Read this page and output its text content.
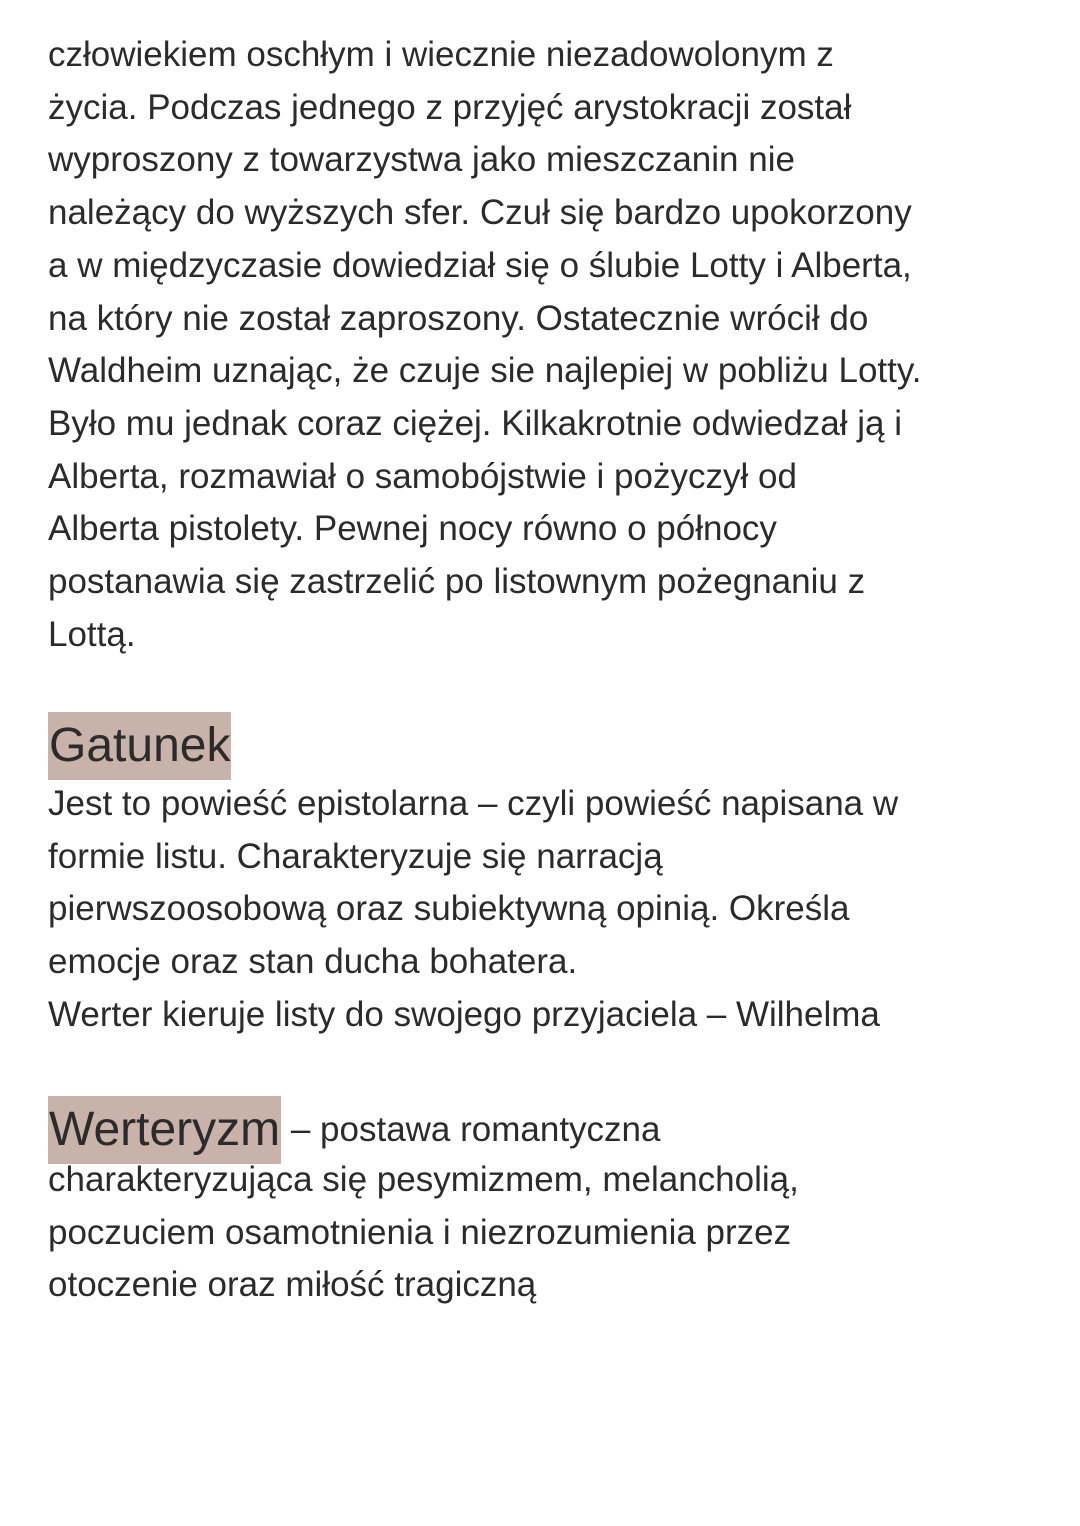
człowiekiem oschłym i wiecznie niezadowolonym z
życia. Podczas jednego z przyjęć arystokracji został
wyproszony z towarzystwa jako mieszczanin nie
należący do wyższych sfer. Czuł się bardzo upokorzony
a w międzyczasie dowiedział się o ślubie Lotty i Alberta,
na który nie został zaproszony. Ostatecznie wrócił do
Waldheim uznając, że czuje sie najlepiej w pobliżu Lotty.
Było mu jednak coraz ciężej. Kilkakrotnie odwiedzał ją i
Alberta, rozmawiał o samobójstwie i pożyczył od
Alberta pistolety. Pewnej nocy równo o północy
postanawia się zastrzelić po listownym pożegnaniu z
Lottą.
Gatunek
Jest to powieść epistolarna – czyli powieść napisana w
formie listu. Charakteryzuje się narracją
pierwszoosobową oraz subiektywną opinią. Określa
emocje oraz stan ducha bohatera.
Werter kieruje listy do swojego przyjaciela – Wilhelma
Werteryzm – postawa romantyczna
charakteryzująca się pesymizmem, melancholią,
poczuciem osamotnienia i niezrozumienia przez
otoczenie oraz miłość tragiczną
